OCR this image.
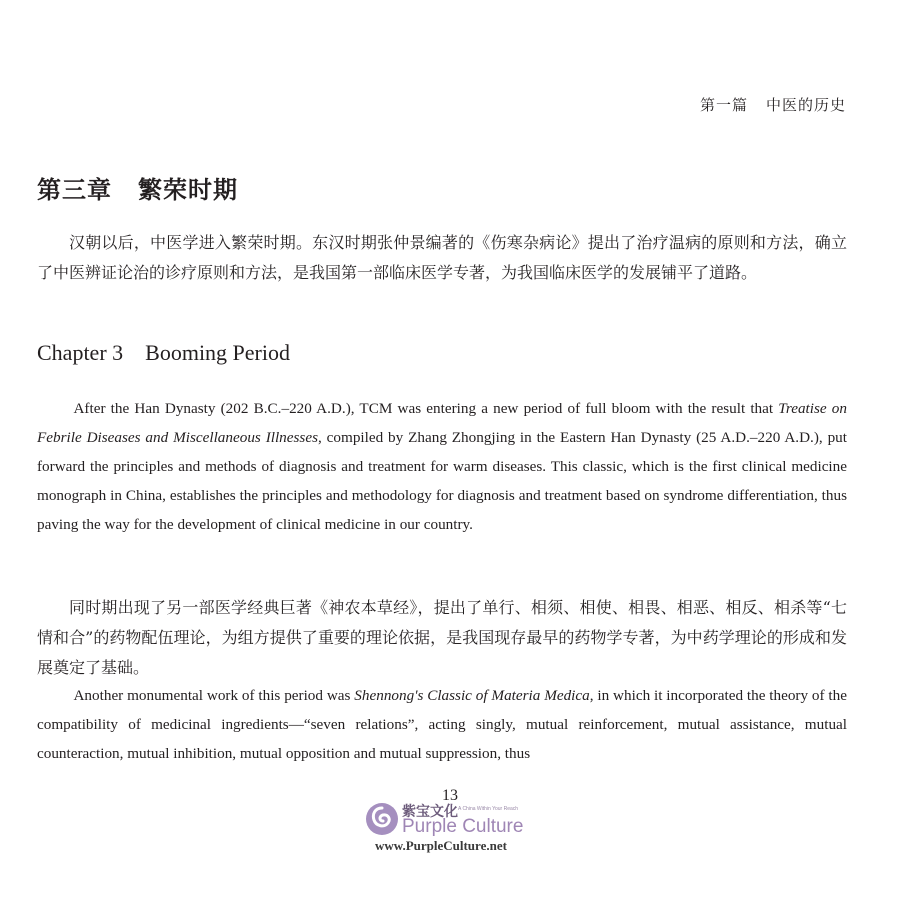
第一篇 中医的历史
第三章 繁荣时期

汉朝以后，中医学进入繁荣时期。东汉时期张仲景编著的《伤寒杂病论》提出了治疗温病的原则和方法，确立了中医辨证论治的诊疗原则和方法，是我国第一部临床医学专著，为我国临床医学的发展铺平了道路。

Chapter 3 Booming Period

After the Han Dynasty (202 B.C.–220 A.D.), TCM was entering a new period of full bloom with the result that Treatise on Febrile Diseases and Miscellaneous Illnesses, compiled by Zhang Zhongjing in the Eastern Han Dynasty (25 A.D.–220 A.D.), put forward the principles and methods of diagnosis and treatment for warm diseases. This classic, which is the first clinical medicine monograph in China, establishes the principles and methodology for diagnosis and treatment based on syndrome differentiation, thus paving the way for the development of clinical medicine in our country.

同时期出现了另一部医学经典巨著《神农本草经》，提出了单行、相须、相使、相畏、相恶、相反、相杀等“七情和合”的药物配伍理论，为组方提供了重要的理论依据，是我国现存最早的药物学专著，为中药学理论的形成和发展奠定了基础。

Another monumental work of this period was Shennong's Classic of Materia Medica, in which it incorporated the theory of the compatibility of medicinal ingredients—“seven relations”, acting singly, mutual reinforcement, mutual assistance, mutual counteraction, mutual inhibition, mutual opposition and mutual suppression, thus

13
紫宝文化 A China Within Your Reach
Purple Culture
www.PurpleCulture.net
